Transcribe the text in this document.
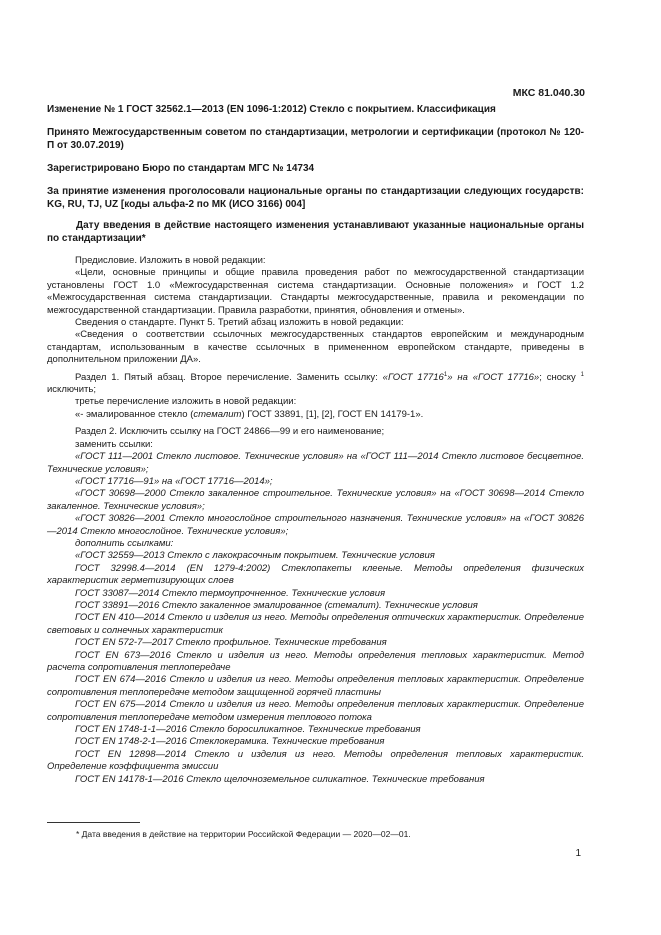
МКС 81.040.30
Изменение № 1 ГОСТ 32562.1—2013 (EN 1096-1:2012) Стекло с покрытием. Классификация
Принято Межгосударственным советом по стандартизации, метрологии и сертификации (протокол № 120-П от 30.07.2019)
Зарегистрировано Бюро по стандартам МГС № 14734
За принятие изменения проголосовали национальные органы по стандартизации следующих государств: KG, RU, TJ, UZ [коды альфа-2 по МК (ИСО 3166) 004]
Дату введения в действие настоящего изменения устанавливают указанные национальные органы по стандартизации*

Предисловие. Изложить в новой редакции:

«Цели, основные принципы и общие правила проведения работ по межгосударственной стандартизации установлены ГОСТ 1.0 «Межгосударственная система стандартизации. Основные положения» и ГОСТ 1.2 «Межгосударственная система стандартизации. Стандарты межгосударственные, правила и рекомендации по межгосударственной стандартизации. Правила разработки, принятия, обновления и отмены».

Сведения о стандарте. Пункт 5. Третий абзац изложить в новой редакции:

«Сведения о соответствии ссылочных межгосударственных стандартов европейским и международным стандартам, использованным в качестве ссылочных в примененном европейском стандарте, приведены в дополнительном приложении ДА».

Раздел 1. Пятый абзац. Второе перечисление. Заменить ссылку: «ГОСТ 17716$^1$» на «ГОСТ 17716»; сноску $^1$ исключить;

третье перечисление изложить в новой редакции:

«- эмалированное стекло (стемалит) ГОСТ 33891, [1], [2], ГОСТ EN 14179-1».

Раздел 2. Исключить ссылку на ГОСТ 24866—99 и его наименование;

заменить ссылки:

«ГОСТ 111—2001 Стекло листовое. Технические условия» на «ГОСТ 111—2014 Стекло листовое бесцветное. Технические условия»;

«ГОСТ 17716—91» на «ГОСТ 17716—2014»;

«ГОСТ 30698—2000 Стекло закаленное строительное. Технические условия» на «ГОСТ 30698—2014 Стекло закаленное. Технические условия»;

«ГОСТ 30826—2001 Стекло многослойное строительного назначения. Технические условия» на «ГОСТ 30826—2014 Стекло многослойное. Технические условия»;

дополнить ссылками:

«ГОСТ 32559—2013 Стекло с лакокрасочным покрытием. Технические условия

ГОСТ 32998.4—2014 (EN 1279-4:2002) Стеклопакеты клееные. Методы определения физических характеристик герметизирующих слоев

ГОСТ 33087—2014 Стекло термоупрочненное. Технические условия

ГОСТ 33891—2016 Стекло закаленное эмалированное (стемалит). Технические условия

ГОСТ EN 410—2014 Стекло и изделия из него. Методы определения оптических характеристик. Определение световых и солнечных характеристик

ГОСТ EN 572-7—2017 Стекло профильное. Технические требования

ГОСТ EN 673—2016 Стекло и изделия из него. Методы определения тепловых характеристик. Метод расчета сопротивления теплопередаче

ГОСТ EN 674—2016 Стекло и изделия из него. Методы определения тепловых характеристик. Определение сопротивления теплопередаче методом защищенной горячей пластины

ГОСТ EN 675—2014 Стекло и изделия из него. Методы определения тепловых характеристик. Определение сопротивления теплопередаче методом измерения теплового потока

ГОСТ EN 1748-1-1—2016 Стекло боросиликатное. Технические требования

ГОСТ EN 1748-2-1—2016 Стеклокерамика. Технические требования

ГОСТ EN 12898—2014 Стекло и изделия из него. Методы определения тепловых характеристик. Определение коэффициента эмиссии

ГОСТ EN 14178-1—2016 Стекло щелочноземельное силикатное. Технические требования

* Дата введения в действие на территории Российской Федерации — 2020—02—01.
1
